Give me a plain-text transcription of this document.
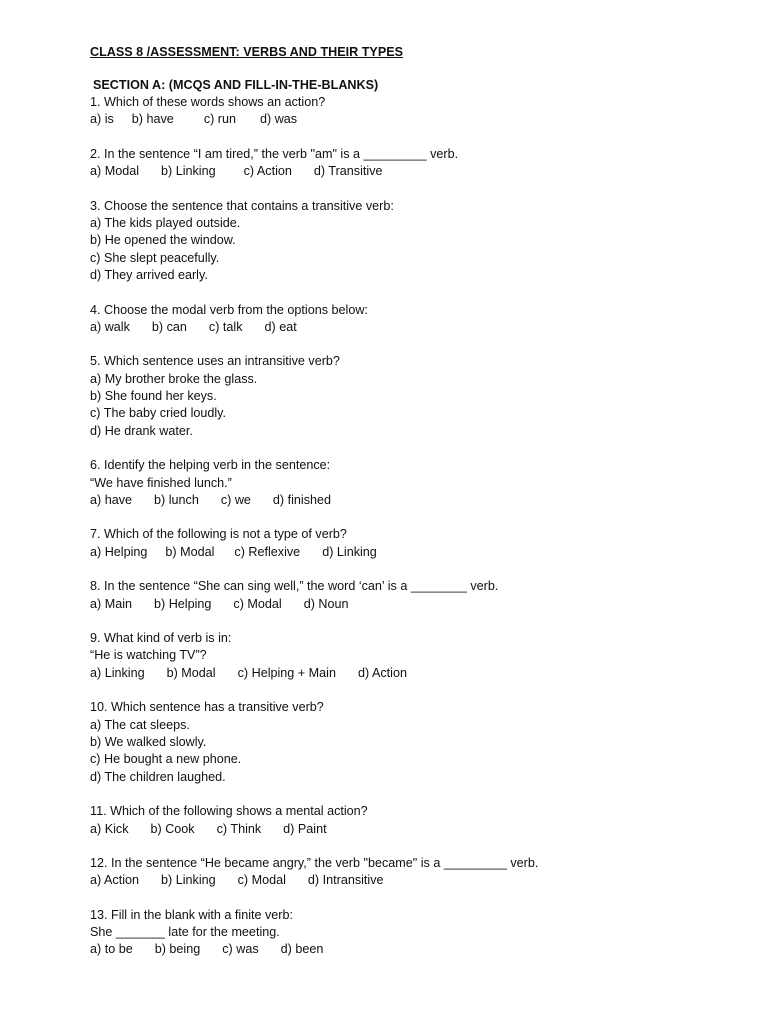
CLASS 8 /ASSESSMENT: VERBS AND THEIR TYPES
SECTION A: (MCQS AND FILL-IN-THE-BLANKS)
1. Which of these words shows an action?
a) is b) have c) run d) was
2. In the sentence “I am tired,” the verb "am" is a _________ verb.
a) Modal b) Linking c) Action d) Transitive
3. Choose the sentence that contains a transitive verb:
a) The kids played outside.
b) He opened the window.
c) She slept peacefully.
d) They arrived early.
4. Choose the modal verb from the options below:
a) walk b) can c) talk d) eat
5. Which sentence uses an intransitive verb?
a) My brother broke the glass.
b) She found her keys.
c) The baby cried loudly.
d) He drank water.
6. Identify the helping verb in the sentence:
“We have finished lunch.”
a) have b) lunch c) we d) finished
7. Which of the following is not a type of verb?
a) Helping b) Modal c) Reflexive d) Linking
8. In the sentence “She can sing well,” the word ‘can’ is a ________ verb.
a) Main b) Helping c) Modal d) Noun
9. What kind of verb is in:
“He is watching TV”?
a) Linking b) Modal c) Helping + Main d) Action
10. Which sentence has a transitive verb?
a) The cat sleeps.
b) We walked slowly.
c) He bought a new phone.
d) The children laughed.
11. Which of the following shows a mental action?
a) Kick b) Cook c) Think d) Paint
12. In the sentence “He became angry,” the verb "became" is a _________ verb.
a) Action b) Linking c) Modal d) Intransitive
13. Fill in the blank with a finite verb:
She _______ late for the meeting.
a) to be b) being c) was d) been
